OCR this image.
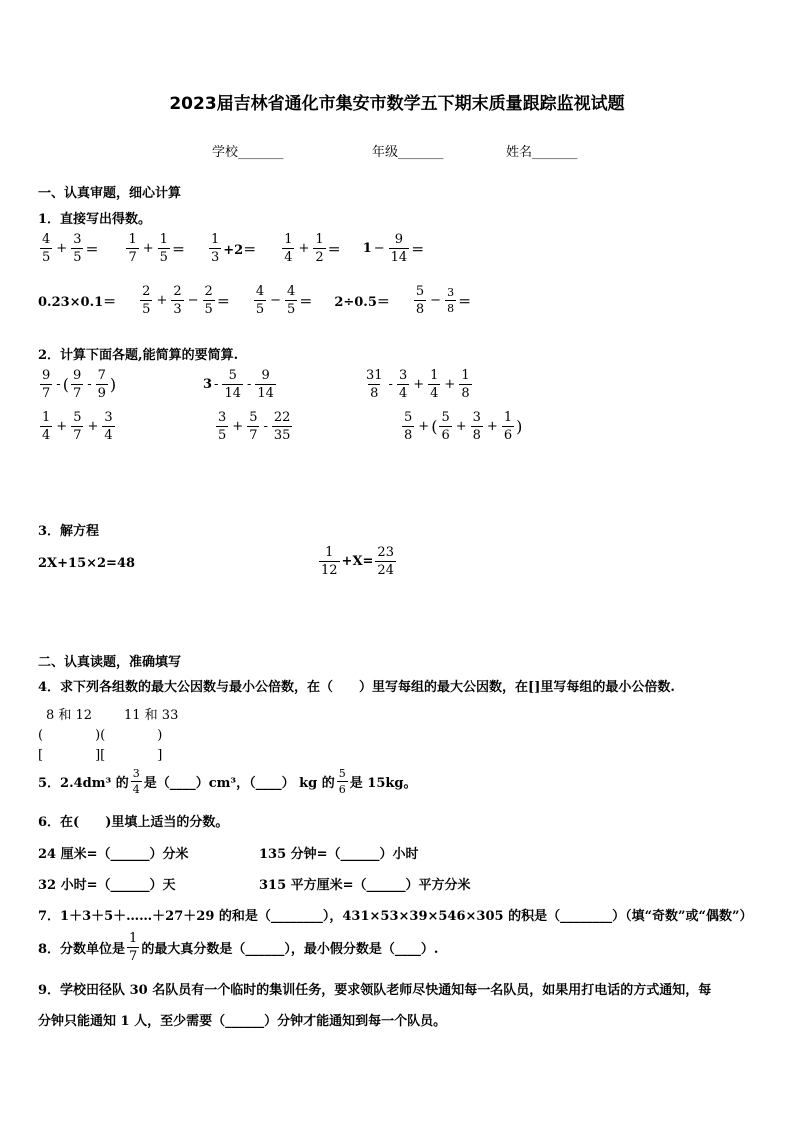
2023届吉林省通化市集安市数学五下期末质量跟踪监视试题
学校_______	年级_______	姓名_______
一、认真审题，细心计算
1．直接写出得数。
$\frac{4}{5} + \frac{3}{5} = \frac{1}{7} + \frac{1}{5} = \frac{1}{3} +2= \frac{1}{4} + \frac{1}{2} = 1 - \frac{9}{14}$ ＝
$0.23\times 0.1= \frac{2}{5} + \frac{2}{3} - \frac{2}{5} = \frac{4}{5} - \frac{4}{5} = 2\div 0.5= \frac{5}{8} - \frac{3}{8}$ ＝
2．计算下面各题,能简算的要简算.
$\frac{9}{7}$ - ( $\frac{9}{7} - \frac{7}{9}$ )	$3 - \frac{5}{14} - \frac{9}{14}$	$\frac{31}{8} - \frac{3}{4} + \frac{1}{4} + \frac{1}{8}$
$\frac{1}{4} + \frac{5}{7} + \frac{3}{4}$	$\frac{3}{5} + \frac{5}{7} - \frac{22}{35}$	$\frac{5}{8}$ + ( $\frac{5}{6} + \frac{3}{8} + \frac{1}{6}$ )
3．解方程
2X+15×2=48	$\frac{1}{12} +X= \frac{23}{24}$
二、认真读题，准确填写
4．求下列各组数的最大公因数与最小公倍数，在（　　）里写每组的最大公因数，在[]里写每组的最小公倍数.
8 和 12 11 和 33
(　　　　)(　　　　)
[　　　　][　　　　]
5．2.4dm³ 的 $\frac{3}{4}$ 是（____）cm³，（____） kg 的 $\frac{5}{6}$ 是 15kg。
6．在(　　)里填上适当的分数。
24 厘米=（______）分米	135 分钟=（______）小时
32 小时=（______）天	315 平方厘米=（______）平方分米
7．1＋3＋5＋……＋27＋29 的和是（________），431×53×39×546×305 的积是（________）（填“奇数”或“偶数”）
8．分数单位是 $\frac{1}{7}$ 的最大真分数是（______），最小假分数是（____）.
9．学校田径队 30 名队员有一个临时的集训任务，要求领队老师尽快通知每一名队员，如果用打电话的方式通知，每
分钟只能通知 1 人，至少需要（______）分钟才能通知到每一个队员。
